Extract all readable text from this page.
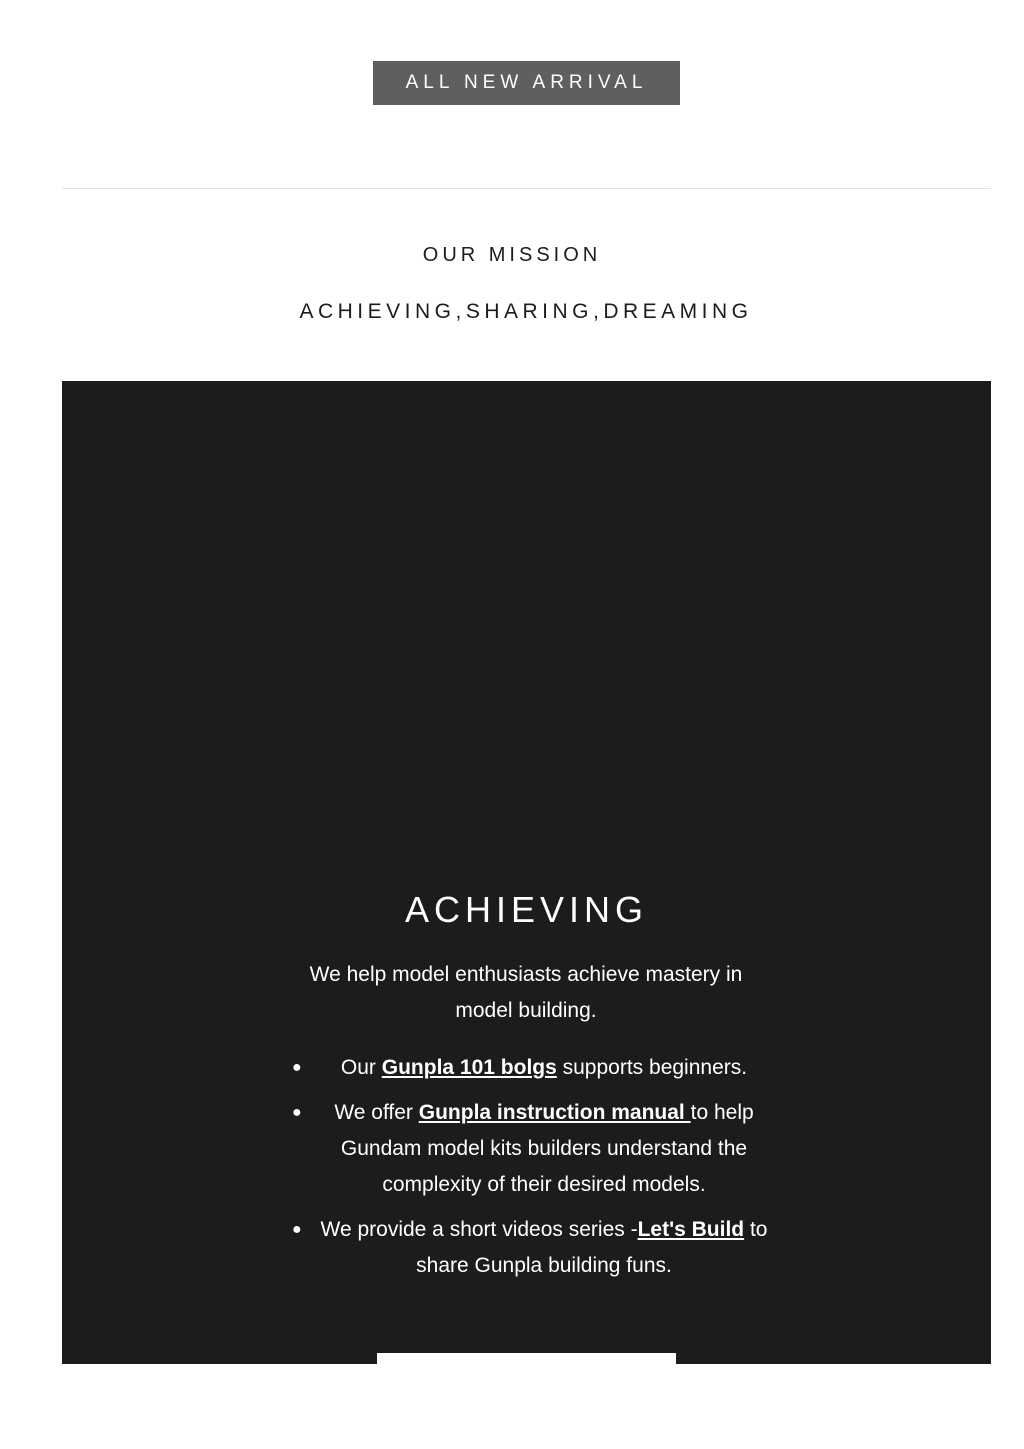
ALL NEW ARRIVAL
OUR MISSION
ACHIEVING,SHARING,DREAMING
ACHIEVING

We help model enthusiasts achieve mastery in model building.

● Our Gunpla 101 bolgs supports beginners.
● We offer Gunpla instruction manual to help Gundam model kits builders understand the complexity of their desired models.
● We provide a short videos series -Let's Build to share Gunpla building funs.
